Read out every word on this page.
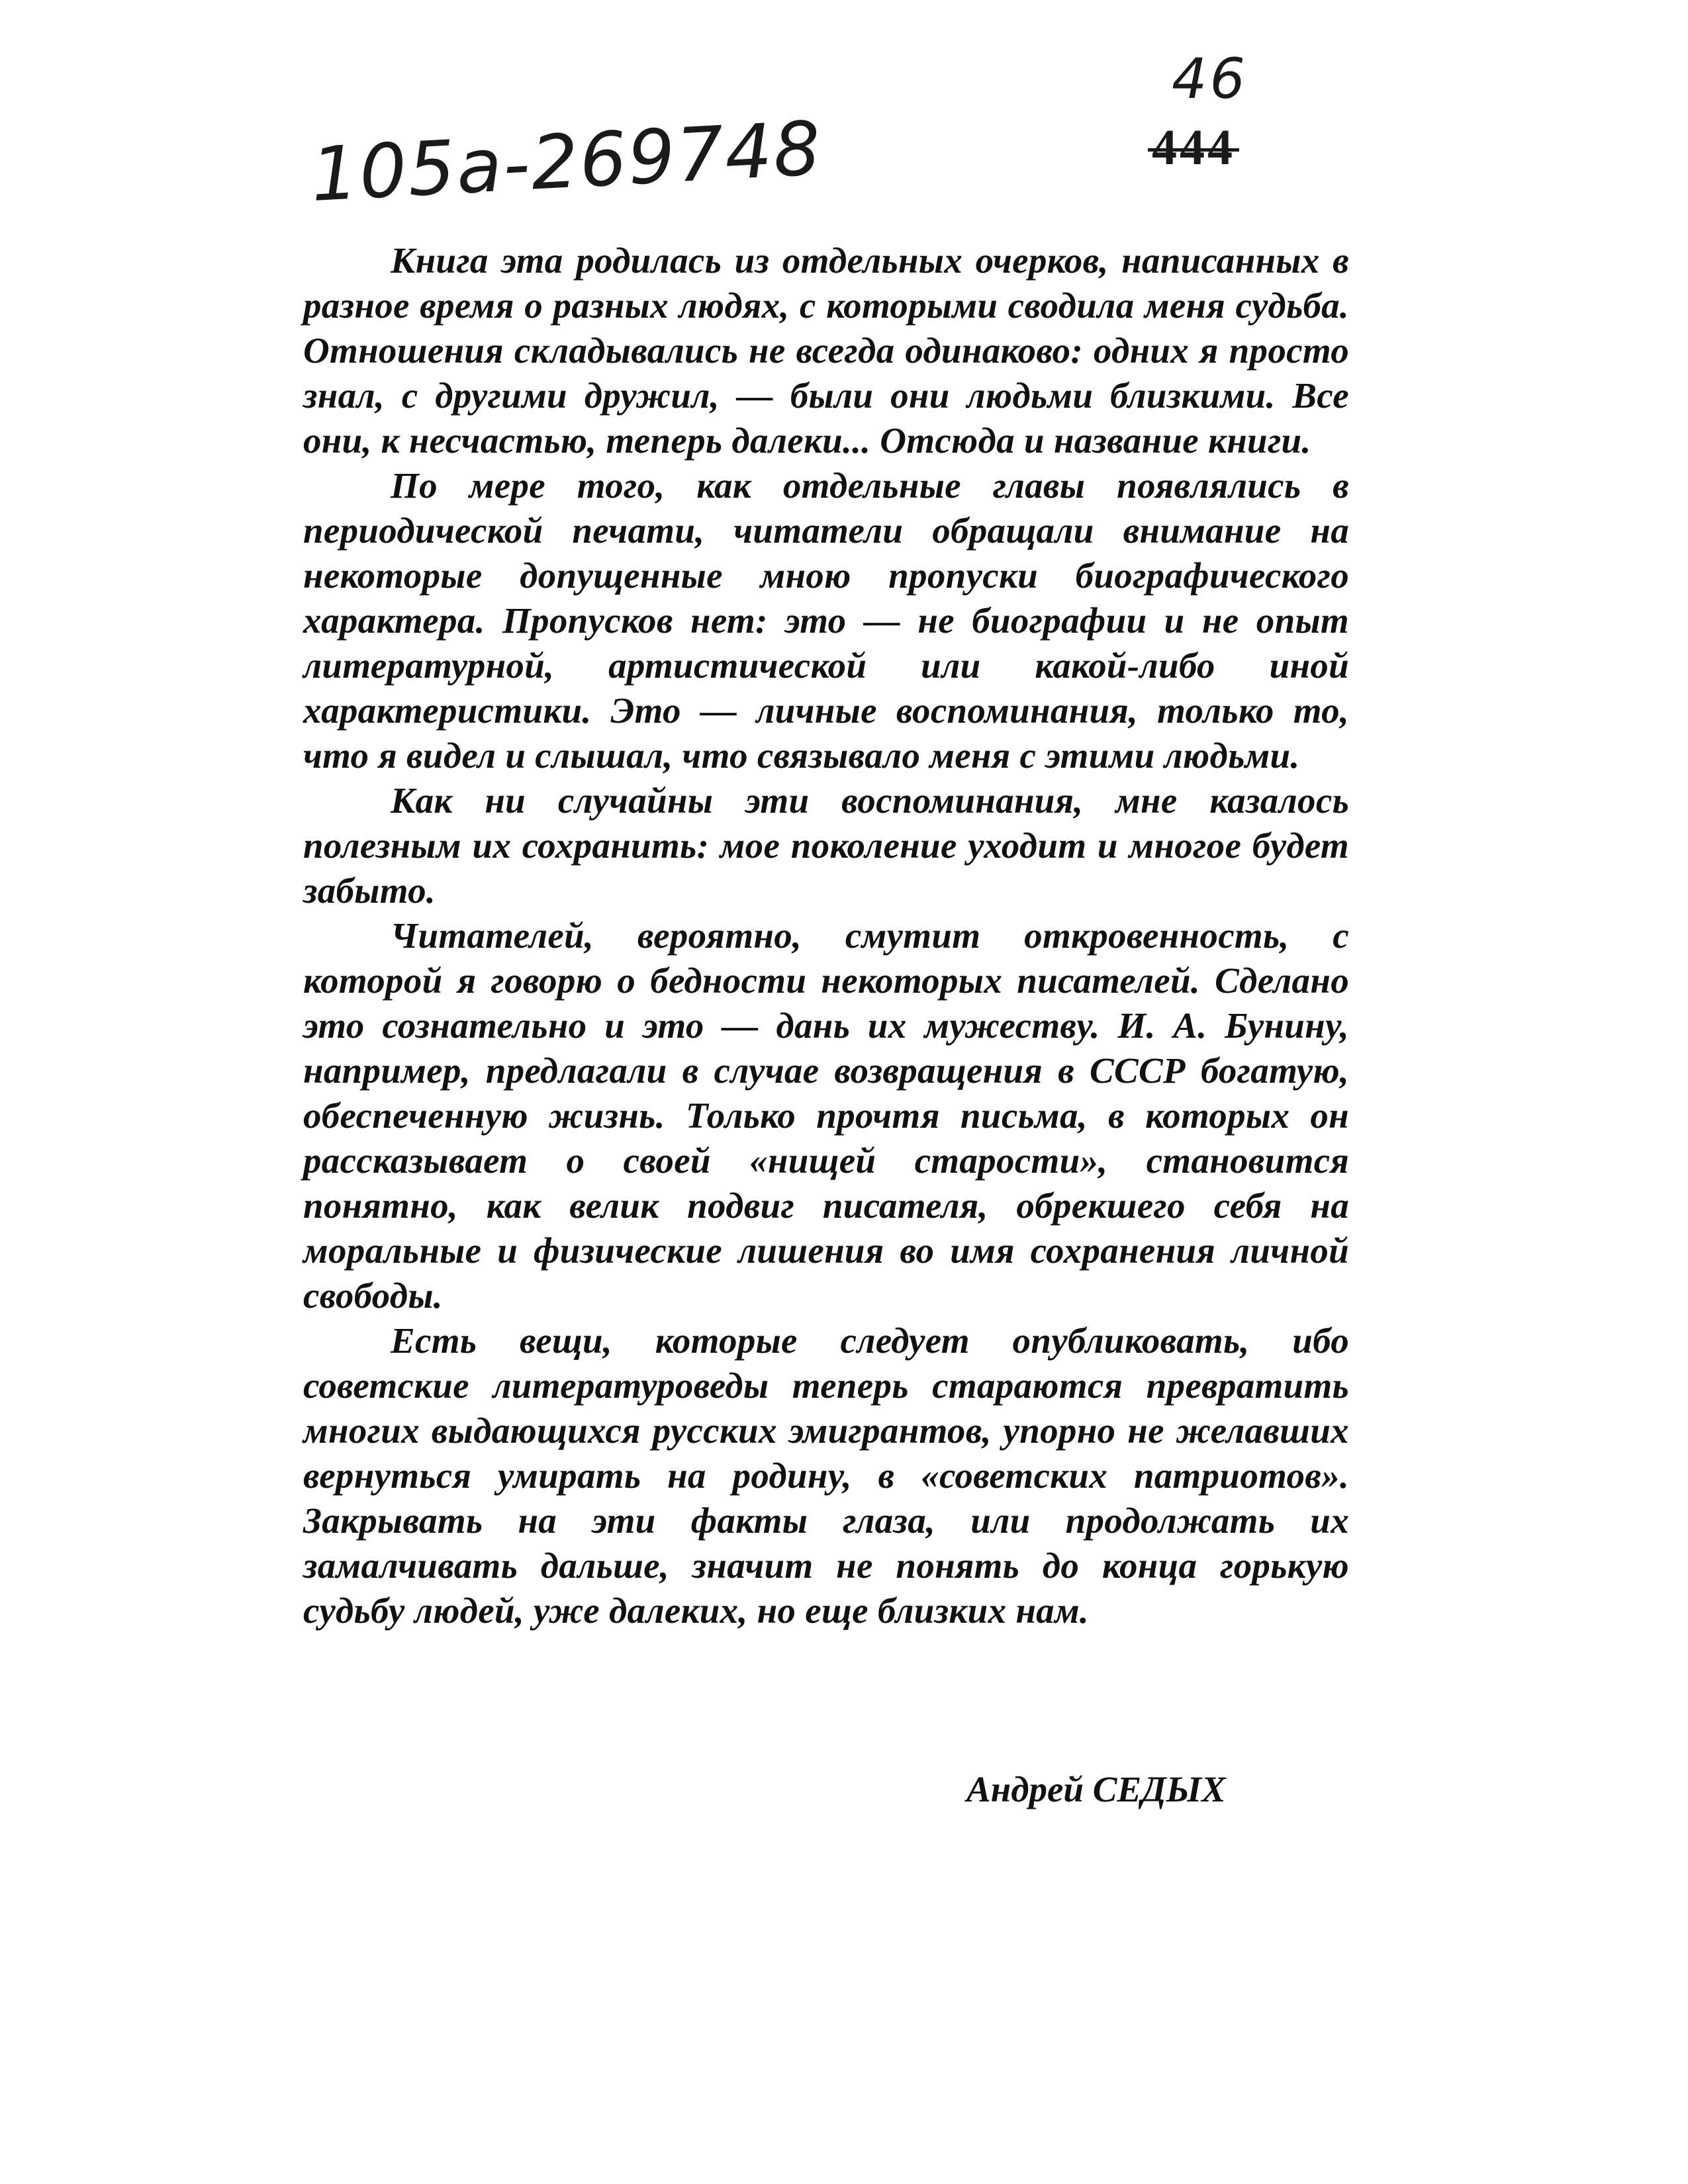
46
444
105a-269748

Книга эта родилась из отдельных очерков, написанных в разное время о разных людях, с которыми сводила меня судьба. Отношения складывались не всегда одинаково: одних я просто знал, с другими дружил, — были они людьми близкими. Все они, к несчастью, теперь далеки... Отсюда и название книги.

По мере того, как отдельные главы появлялись в периодической печати, читатели обращали внимание на некоторые допущенные мною пропуски биографического характера. Пропусков нет: это — не биографии и не опыт литературной, артистической или какой-либо иной характеристики. Это — личные воспоминания, только то, что я видел и слышал, что связывало меня с этими людьми.

Как ни случайны эти воспоминания, мне казалось полезным их сохранить: мое поколение уходит и многое будет забыто.

Читателей, вероятно, смутит откровенность, с которой я говорю о бедности некоторых писателей. Сделано это сознательно и это — дань их мужеству. И. А. Бунину, например, предлагали в случае возвращения в СССР богатую, обеспеченную жизнь. Только прочтя письма, в которых он рассказывает о своей «нищей старости», становится понятно, как велик подвиг писателя, обрекшего себя на моральные и физические лишения во имя сохранения личной свободы.

Есть вещи, которые следует опубликовать, ибо советские литературоведы теперь стараются превратить многих выдающихся русских эмигрантов, упорно не желавших вернуться умирать на родину, в «советских патриотов». Закрывать на эти факты глаза, или продолжать их замалчивать дальше, значит не понять до конца горькую судьбу людей, уже далеких, но еще близких нам.

Андрей СЕДЫХ
